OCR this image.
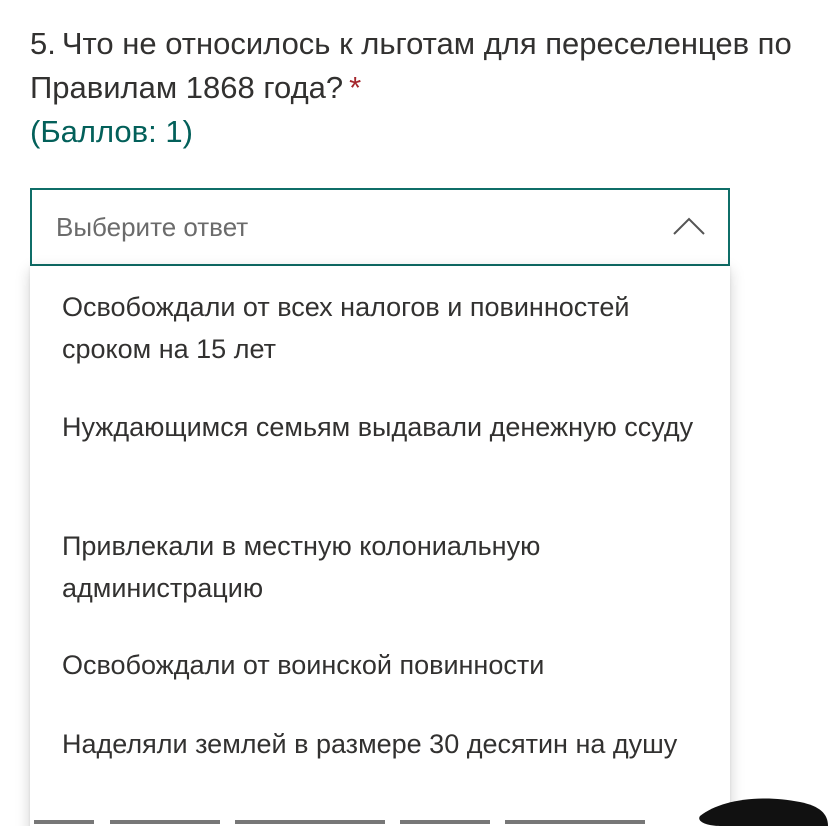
5. Что не относилось к льготам для переселенцев по Правилам 1868 года? *
(Баллов: 1)
Выберите ответ
Освобождали от всех налогов и повинностей сроком на 15 лет
Нуждающимся семьям выдавали денежную ссуду
Привлекали в местную колониальную администрацию
Освобождали от воинской повинности
Наделяли землей в размере 30 десятин на душу
